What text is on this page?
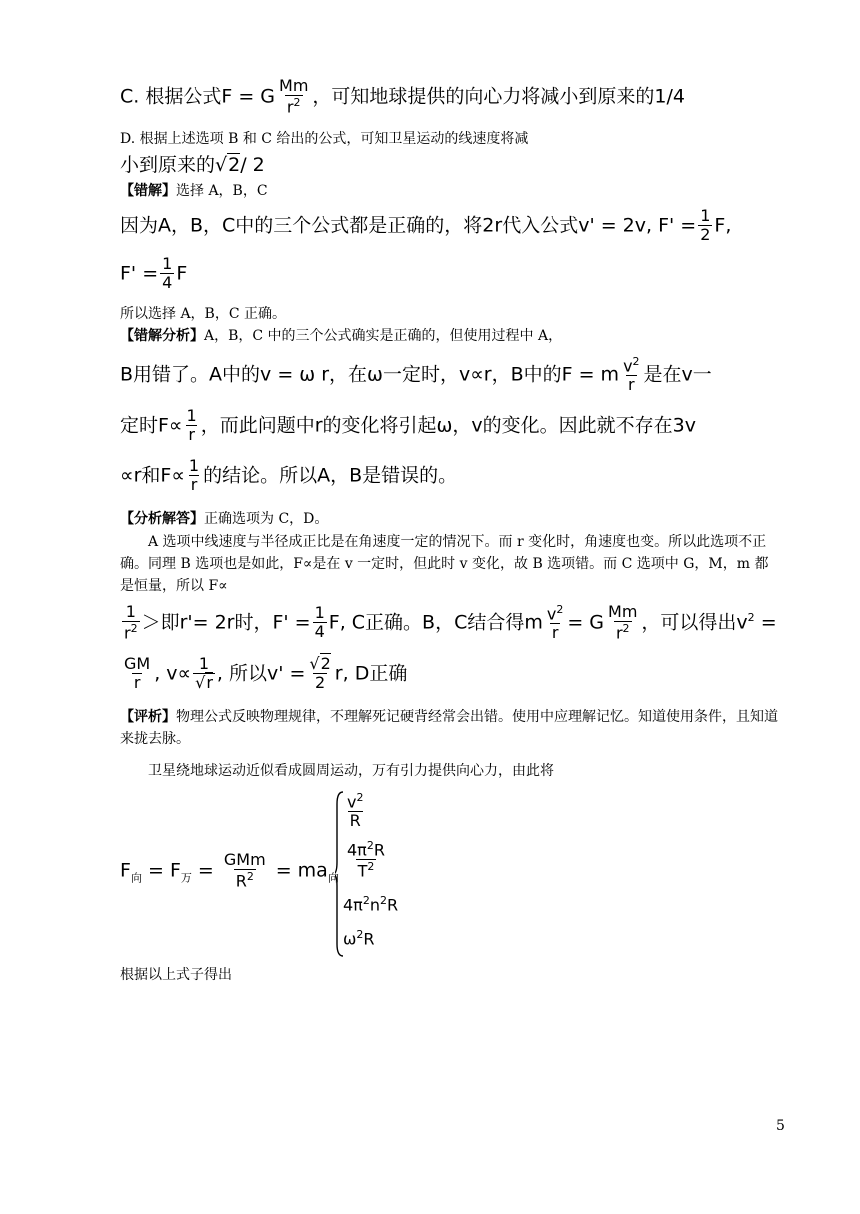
C. 根据公式F = G $\frac{Mm}{r^2}$ ，可知地球提供的向心力将减小到原来的1/4
D. 根据上述选项 B 和 C 给出的公式，可知卫星运动的线速度将减
小到原来的√2/ 2
【错解】选择 A，B，C
因为A，B，C中的三个公式都是正确的，将2r代入公式v' = 2v, $F' = \frac{1}{2} F$,
$F' = \frac{1}{4}$ F
所以选择 A，B，C 正确。
【错解分析】A，B，C 中的三个公式确实是正确的，但使用过程中 A，
B用错了。A中的v = ω r，在ω一定时，v∝r，B中的F = m $\frac{v^2}{r}$ 是在v一
定时$F\propto \frac{1}{r}$ ，而此问题中r的变化将引起ω，v的变化。因此就不存在3v
∝r和$F\propto \frac{1}{r}$ 的结论。所以A，B是错误的。
【分析解答】正确选项为 C，D。
A 选项中线速度与半径成正比是在角速度一定的情况下。而 r 变化时，角速度也变。所以此选项不正确。同理 B 选项也是如此，F∝是在 v 一定时，但此时 v 变化，故 B 选项错。而 C 选项中 G，M，m 都是恒量，所以 F∝
$\frac{1}{r^2}$ ＞即r'= 2r时，$F' = \frac{1}{4} F$, C正确。B，C结合得m $\frac{v^2}{r} = G \frac{Mm}{r^2}$ ，可以得出$v^2$ =
$\frac{GM}{r}$ , $v\propto \frac{1}{√r}$ , 所以$v' = \frac{√2}{2} r$, D正确
【评析】物理公式反映物理规律，不理解死记硬背经常会出错。使用中应理解记忆。知道使用条件，且知道来拢去脉。
卫星绕地球运动近似看成圆周运动，万有引力提供向心力，由此将
$F_向 = F_万 = \frac{\text{GMm}}{R^2} = ma_向$
$\frac{v^2}{R}$
$\frac{4\pi^2R}{T^2}$
$4\pi^2n^2R$
$\omega^2R$
根据以上式子得出
5
